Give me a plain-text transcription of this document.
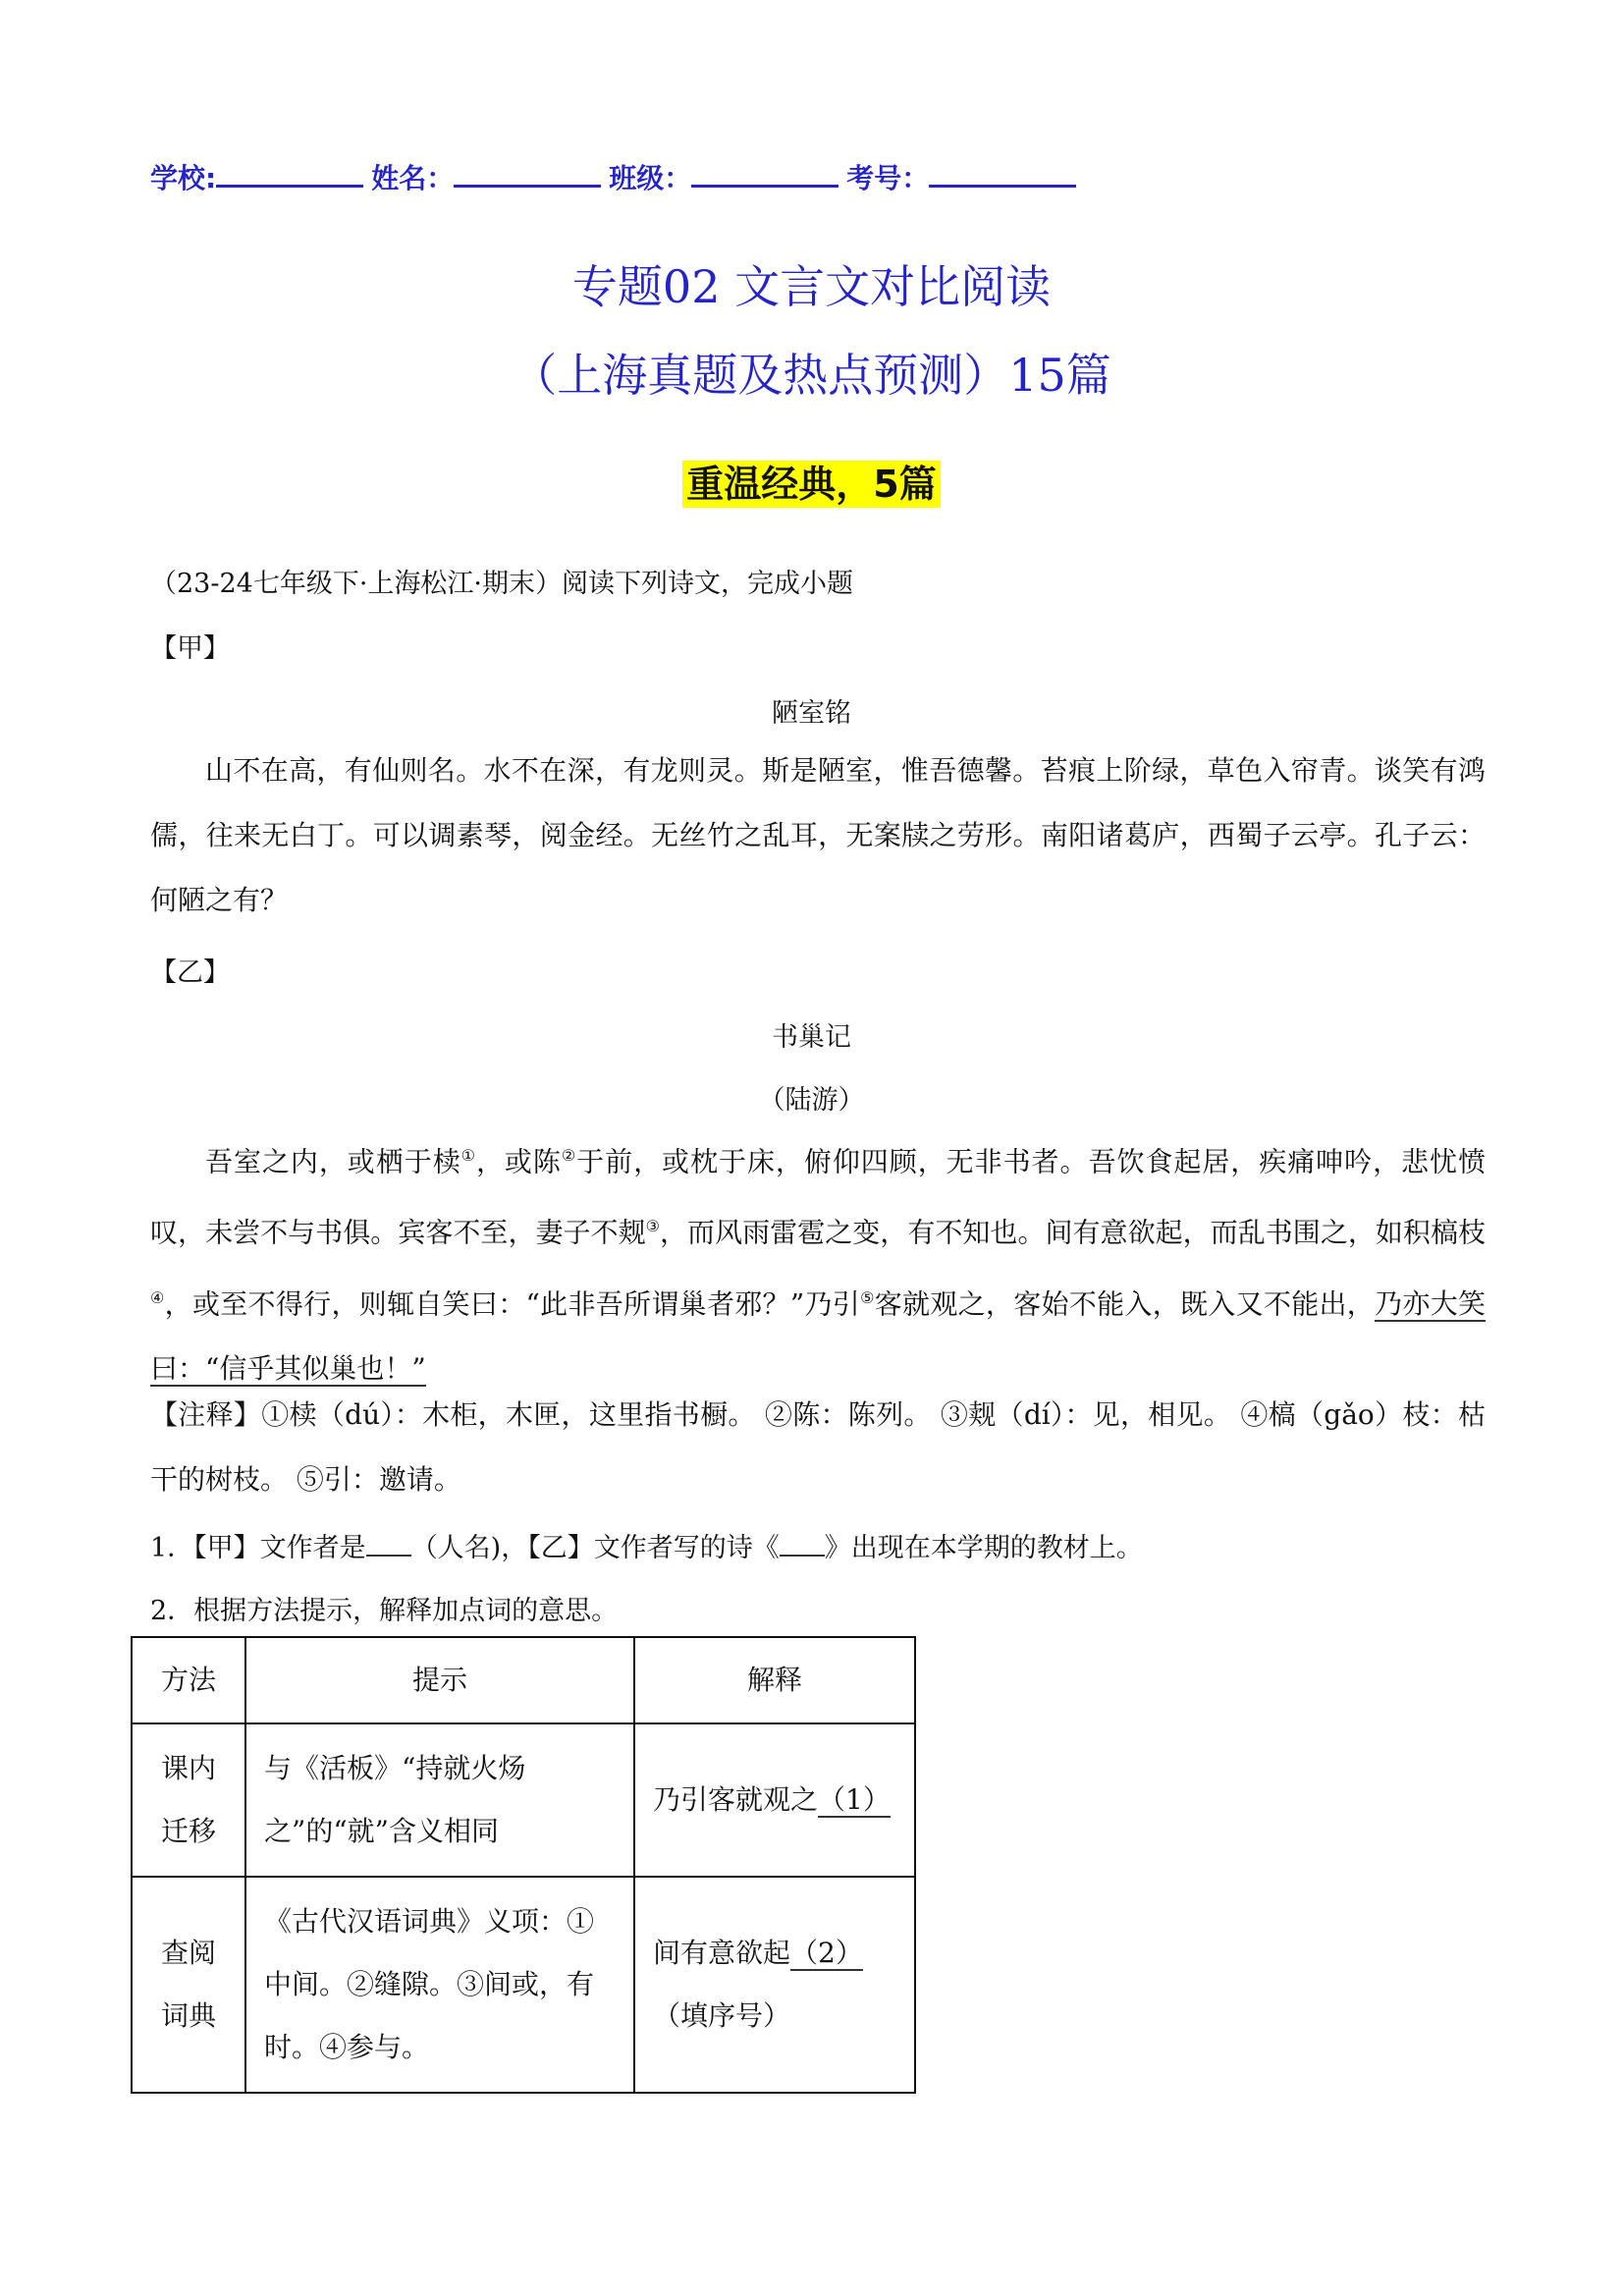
学校:	姓名：	班级：	考号：
专题02 文言文对比阅读
（上海真题及热点预测）15篇
重温经典，5篇
（23-24七年级下·上海松江·期末）阅读下列诗文，完成小题
【甲】
陋室铭
山不在高，有仙则名。水不在深，有龙则灵。斯是陋室，惟吾德馨。苔痕上阶绿，草色入帘青。谈笑有鸿儒，往来无白丁。可以调素琴，阅金经。无丝竹之乱耳，无案牍之劳形。南阳诸葛庐，西蜀子云亭。孔子云：何陋之有？
【乙】
书巢记
（陆游）
吾室之内，或栖于椟①，或陈②于前，或枕于床，俯仰四顾，无非书者。吾饮食起居，疾痛呻吟，悲忧愤叹，未尝不与书俱。宾客不至，妻子不觌③，而风雨雷雹之变，有不知也。间有意欲起，而乱书围之，如积槁枝④，或至不得行，则辄自笑曰：“此非吾所谓巢者邪？”乃引⑤客就观之，客始不能入，既入又不能出，乃亦大笑曰：“信乎其似巢也！”
【注释】①椟（dú）：木柜，木匣，这里指书橱。 ②陈：陈列。 ③觌（dí）：见，相见。 ④槁（gǎo）枝：枯干的树枝。 ⑤引：邀请。
1．【甲】文作者是 （人名)，【乙】文作者写的诗《 》出现在本学期的教材上。
2．根据方法提示，解释加点词的意思。
方法	提示	解释
课内迁移	与《活板》“持就火炀之”的“就”含义相同	乃引客就观之（1）
查阅词典	《古代汉语词典》义项：①中间。②缝隙。③间或，有时。④参与。	间有意欲起（2）
（填序号）
